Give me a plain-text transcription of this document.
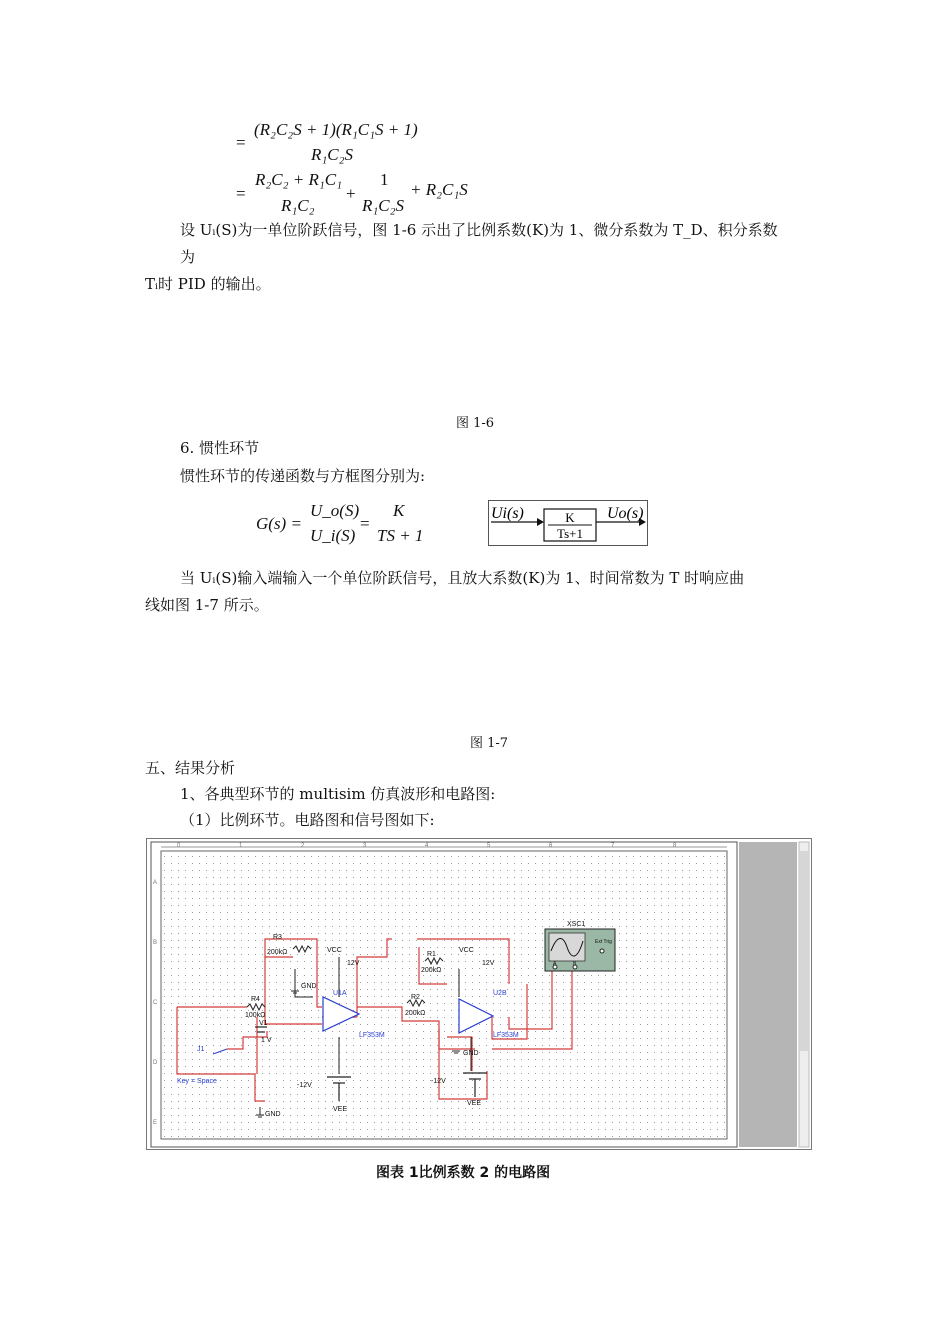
=
(R₂C₂S + 1)(R₁C₁S + 1)
R₁C₂S
=
R₂C₂ + R₁C₁
R₁C₂
+
1
R₁C₂S
+ R₂C₁S
设 Uᵢ(S)为一单位阶跃信号，图 1-6 示出了比例系数(K)为 1、微分系数为 T_D、积分系数
为
Tᵢ时 PID 的输出。
图 1-6
6. 惯性环节
惯性环节的传递函数与方框图分别为:
G(s) =
U_o(S)
U_i(S)
=
K
TS + 1
Ui(s)	K
Ts+1
Uo(s)
当 Uᵢ(S)输入端输入一个单位阶跃信号，且放大系数(K)为 1、时间常数为 T 时响应曲
线如图 1-7 所示。
图 1-7
五、结果分析
1、各典型环节的 multisim 仿真波形和电路图:
（1）比例环节。电路图和信号图如下:
0	1	2	3	4	5	6	7	8
A
B
C
D
E
R3
200kΩ
R4
100kΩ
R2
200kΩ
R1
200kΩ
VCC
12V
VCC
12V
GND
GND
GND
V1
1 V
-12V
-12V
VEE
VEE
XSC1
Ext Trig
A	B
U1A	U2B
LF353M	LF353M
J1
Key = Space
图表 1比例系数 2 的电路图
